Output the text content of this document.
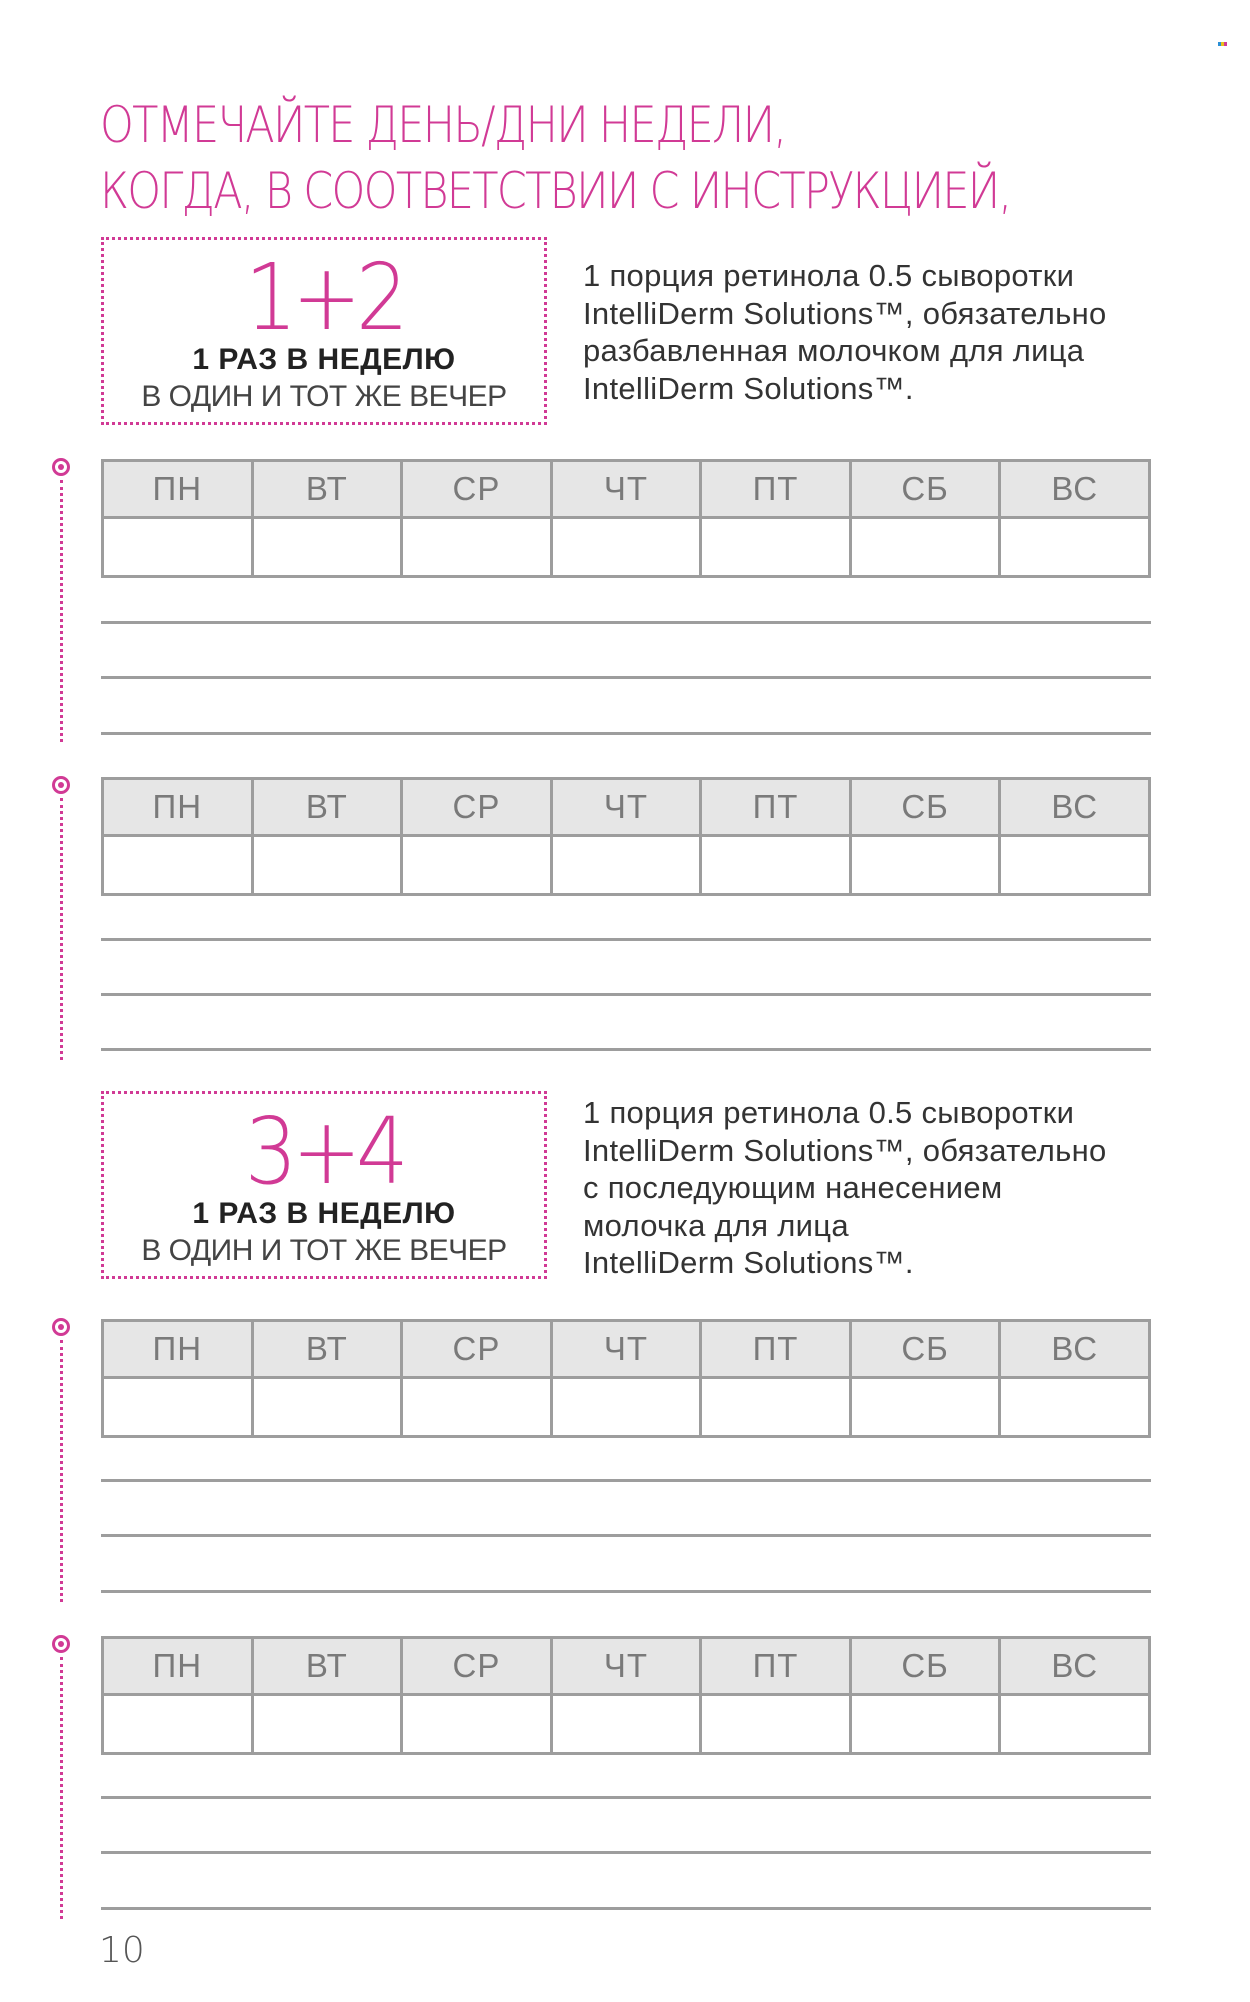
ОТМЕЧАЙТЕ ДЕНЬ/ДНИ НЕДЕЛИ,
КОГДА, В СООТВЕТСТВИИ С ИНСТРУКЦИЕЙ,
1+2
1 РАЗ В НЕДЕЛЮ
В ОДИН И ТОТ ЖЕ ВЕЧЕР

1 порция ретинола 0.5 сыворотки
IntelliDerm Solutions™, обязательно
разбавленная молочком для лица
IntelliDerm Solutions™.

ПН	ВТ	СР	ЧТ	ПТ	СБ	ВС

ПН	ВТ	СР	ЧТ	ПТ	СБ	ВС

3+4
1 РАЗ В НЕДЕЛЮ
В ОДИН И ТОТ ЖЕ ВЕЧЕР

1 порция ретинола 0.5 сыворотки
IntelliDerm Solutions™, обязательно
с последующим нанесением
молочка для лица
IntelliDerm Solutions™.

ПН	ВТ	СР	ЧТ	ПТ	СБ	ВС

ПН	ВТ	СР	ЧТ	ПТ	СБ	ВС

10
